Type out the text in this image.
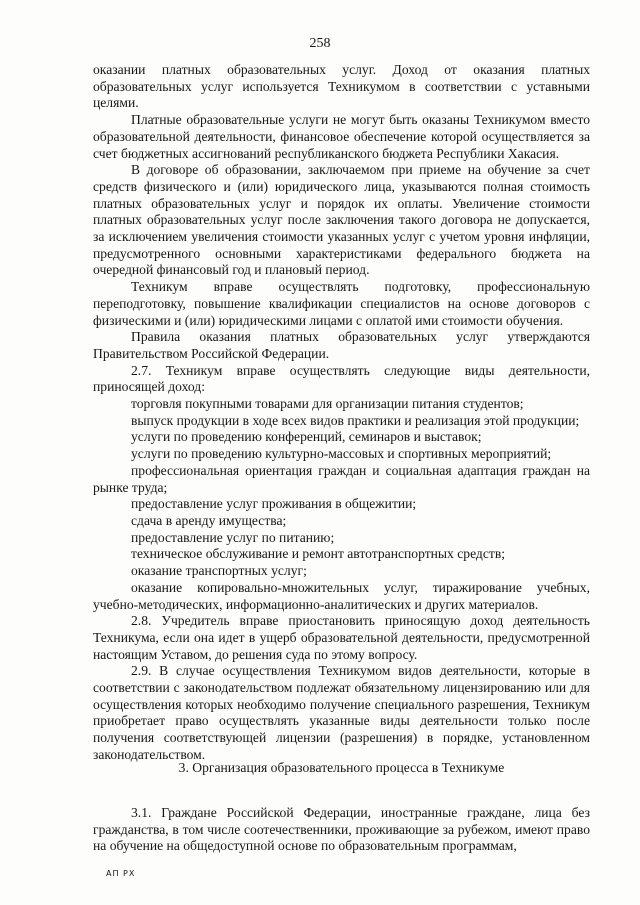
258

оказании платных образовательных услуг. Доход от оказания платных образовательных услуг используется Техникумом в соответствии с уставными целями.

Платные образовательные услуги не могут быть оказаны Техникумом вместо образовательной деятельности, финансовое обеспечение которой осуществляется за счет бюджетных ассигнований республиканского бюджета Республики Хакасия.

В договоре об образовании, заключаемом при приеме на обучение за счет средств физического и (или) юридического лица, указываются полная стоимость платных образовательных услуг и порядок их оплаты. Увеличение стоимости платных образовательных услуг после заключения такого договора не допускается, за исключением увеличения стоимости указанных услуг с учетом уровня инфляции, предусмотренного основными характеристиками федерального бюджета на очередной финансовый год и плановый период.

Техникум вправе осуществлять подготовку, профессиональную переподготовку, повышение квалификации специалистов на основе договоров с физическими и (или) юридическими лицами с оплатой ими стоимости обучения.

Правила оказания платных образовательных услуг утверждаются Правительством Российской Федерации.

2.7. Техникум вправе осуществлять следующие виды деятельности, приносящей доход:

торговля покупными товарами для организации питания студентов;

выпуск продукции в ходе всех видов практики и реализация этой продукции;

услуги по проведению конференций, семинаров и выставок;

услуги по проведению культурно-массовых и спортивных мероприятий;

профессиональная ориентация граждан и социальная адаптация граждан на рынке труда;

предоставление услуг проживания в общежитии;

сдача в аренду имущества;

предоставление услуг по питанию;

техническое обслуживание и ремонт автотранспортных средств;

оказание транспортных услуг;

оказание копировально-множительных услуг, тиражирование учебных, учебно-методических, информационно-аналитических и других материалов.

2.8. Учредитель вправе приостановить приносящую доход деятельность Техникума, если она идет в ущерб образовательной деятельности, предусмотренной настоящим Уставом, до решения суда по этому вопросу.

2.9. В случае осуществления Техникумом видов деятельности, которые в соответствии с законодательством подлежат обязательному лицензированию или для осуществления которых необходимо получение специального разрешения, Техникум приобретает право осуществлять указанные виды деятельности только после получения соответствующей лицензии (разрешения) в порядке, установленном законодательством.

3. Организация образовательного процесса в Техникуме

3.1. Граждане Российской Федерации, иностранные граждане, лица без гражданства, в том числе соотечественники, проживающие за рубежом, имеют право на обучение на общедоступной основе по образовательным программам,

АП РХ
